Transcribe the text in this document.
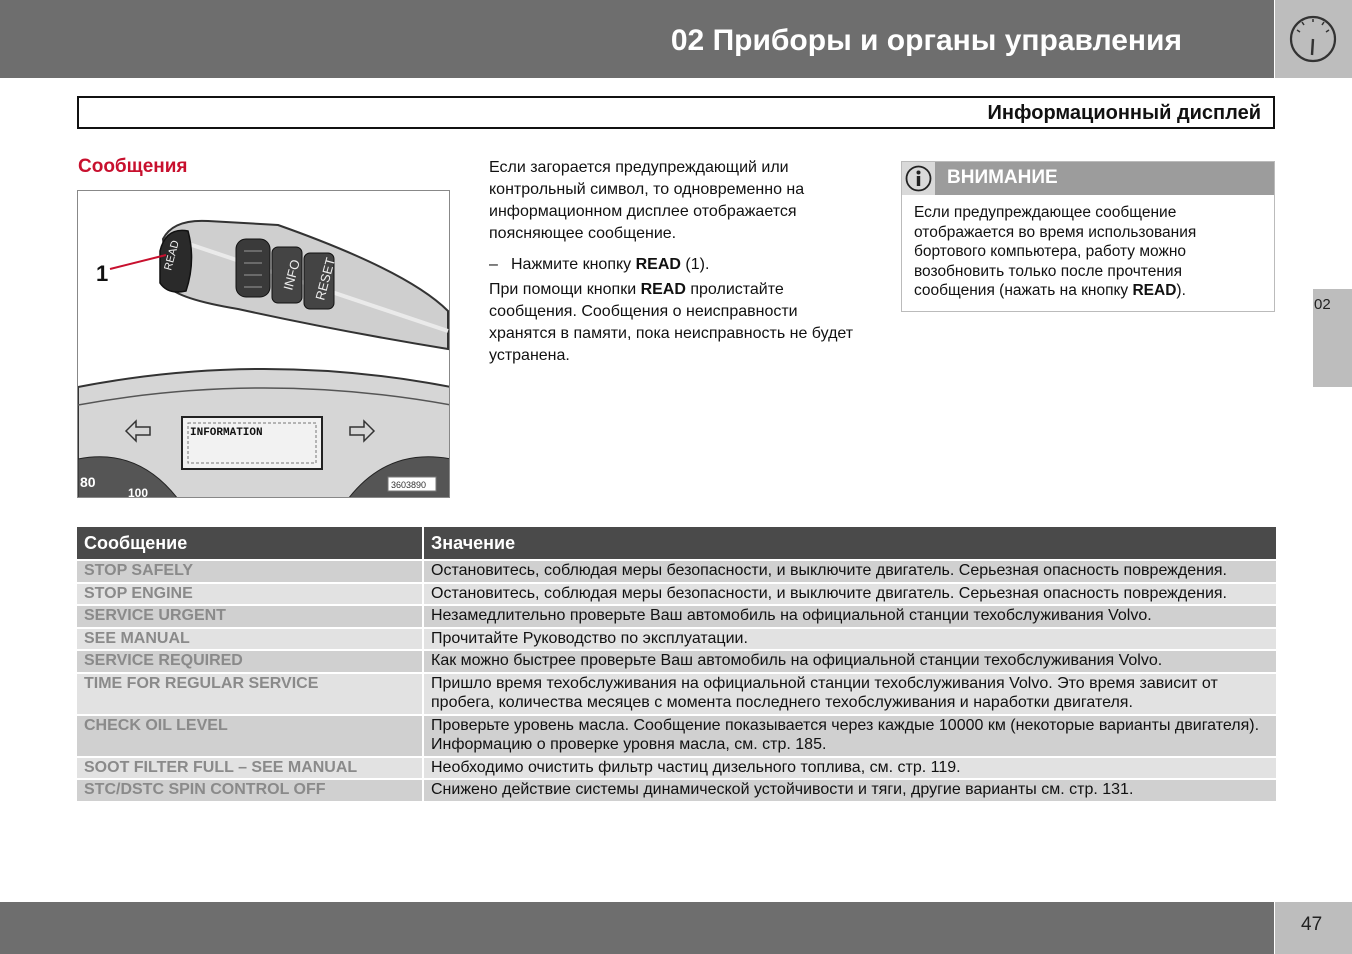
02 Приборы и органы управления
Информационный дисплей
Сообщения
READ
1	INFO RESET
INFORMATION
80
100
3603890
Если загорается предупреждающий или контрольный символ, то одновременно на информационном дисплее отображается поясняющее сообщение.
– Нажмите кнопку READ (1).
При помощи кнопки READ пролистайте сообщения. Сообщения о неисправности хранятся в памяти, пока неисправность не будет устранена.
ВНИМАНИЕ
Если предупреждающее сообщение отображается во время использования бортового компьютера, работу можно возобновить только после прочтения сообщения (нажать на кнопку READ).
02
Сообщение	Значение
STOP SAFELY	Остановитесь, соблюдая меры безопасности, и выключите двигатель. Серьезная опасность повреждения.
STOP ENGINE	Остановитесь, соблюдая меры безопасности, и выключите двигатель. Серьезная опасность повреждения.
SERVICE URGENT	Незамедлительно проверьте Ваш автомобиль на официальной станции техобслуживания Volvo.
SEE MANUAL	Прочитайте Руководство по эксплуатации.
SERVICE REQUIRED	Как можно быстрее проверьте Ваш автомобиль на официальной станции техобслуживания Volvo.
TIME FOR REGULAR SERVICE	Пришло время техобслуживания на официальной станции техобслуживания Volvo. Это время зависит от пробега, количества месяцев с момента последнего техобслуживания и наработки двигателя.
CHECK OIL LEVEL	Проверьте уровень масла. Сообщение показывается через каждые 10000 км (некоторые варианты двигателя). Информацию о проверке уровня масла, см. стр. 185.
SOOT FILTER FULL – SEE MANUAL	Необходимо очистить фильтр частиц дизельного топлива, см. стр. 119.
STC/DSTC SPIN CONTROL OFF	Снижено действие системы динамической устойчивости и тяги, другие варианты см. стр. 131.
47
